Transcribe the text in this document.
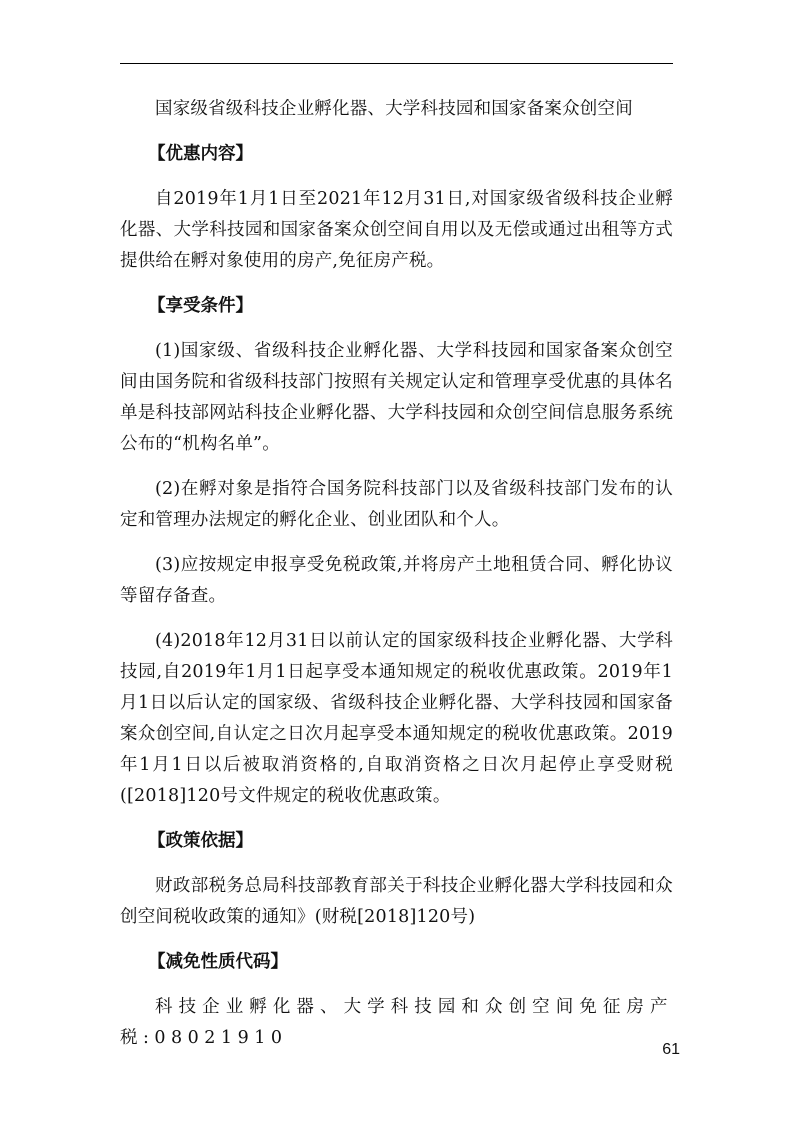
国家级省级科技企业孵化器、大学科技园和国家备案众创空间

【优惠内容】

自2019年1月1日至2021年12月31日,对国家级省级科技企业孵化器、大学科技园和国家备案众创空间自用以及无偿或通过出租等方式提供给在孵对象使用的房产,免征房产税。

【享受条件】

(1)国家级、省级科技企业孵化器、大学科技园和国家备案众创空间由国务院和省级科技部门按照有关规定认定和管理享受优惠的具体名单是科技部网站科技企业孵化器、大学科技园和众创空间信息服务系统公布的“机构名单”。

(2)在孵对象是指符合国务院科技部门以及省级科技部门发布的认定和管理办法规定的孵化企业、创业团队和个人。

(3)应按规定申报享受免税政策,并将房产土地租赁合同、孵化协议等留存备查。

(4)2018年12月31日以前认定的国家级科技企业孵化器、大学科技园,自2019年1月1日起享受本通知规定的税收优惠政策。2019年1月1日以后认定的国家级、省级科技企业孵化器、大学科技园和国家备案众创空间,自认定之日次月起享受本通知规定的税收优惠政策。2019年1月1日以后被取消资格的,自取消资格之日次月起停止享受财税([2018]120号文件规定的税收优惠政策。

【政策依据】

财政部税务总局科技部教育部关于科技企业孵化器大学科技园和众创空间税收政策的通知》(财税[2018]120号)

【减免性质代码】

科技企业孵化器、大学科技园和众创空间免征房产税:08021910

61
